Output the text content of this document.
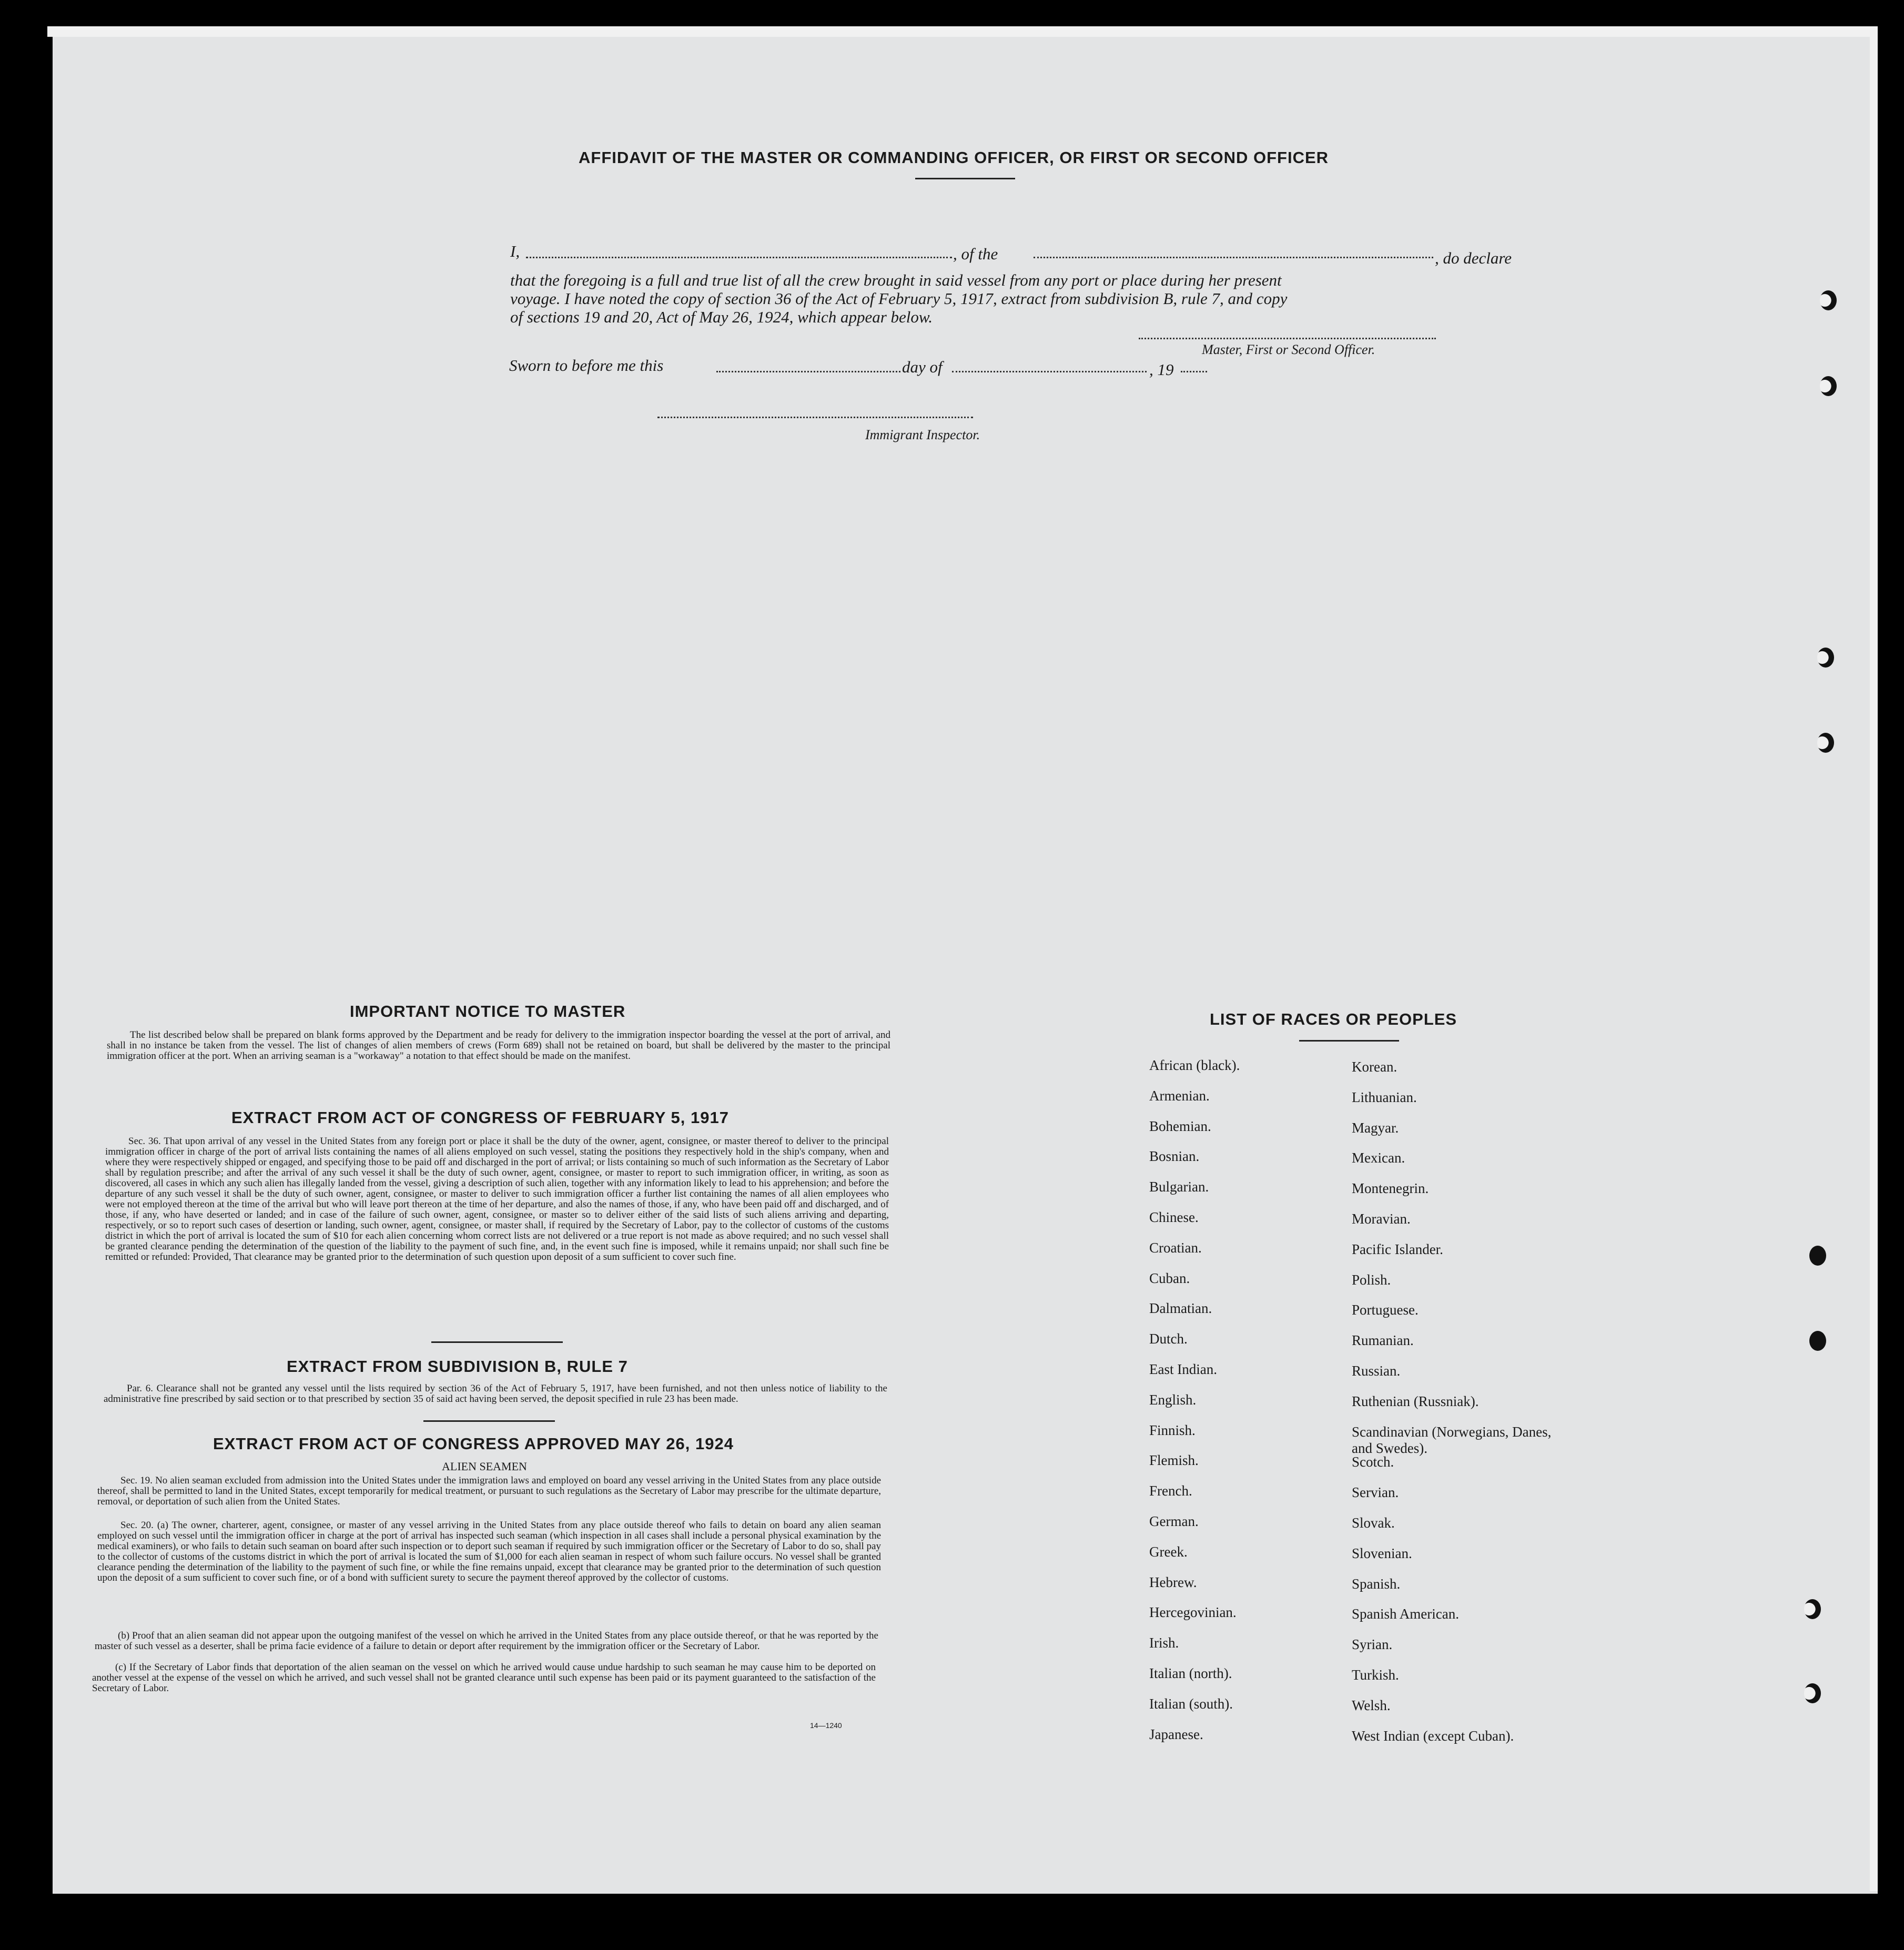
AFFIDAVIT OF THE MASTER OR COMMANDING OFFICER, OR FIRST OR SECOND OFFICER
I,	, of the	, do declare
that the foregoing is a full and true list of all the crew brought in said vessel from any port or place during her present
voyage. I have noted the copy of section 36 of the Act of February 5, 1917, extract from subdivision B, rule 7, and copy
of sections 19 and 20, Act of May 26, 1924, which appear below.
Master, First or Second Officer.
Sworn to before me this	day of	, 19
Immigrant Inspector.
IMPORTANT NOTICE TO MASTER
The list described below shall be prepared on blank forms approved by the Department and be ready for delivery to the immigration inspector boarding the vessel at the port of arrival, and shall in no instance be taken from the vessel. The list of changes of alien members of crews (Form 689) shall not be retained on board, but shall be delivered by the master to the principal immigration officer at the port. When an arriving seaman is a "workaway" a notation to that effect should be made on the manifest.
EXTRACT FROM ACT OF CONGRESS OF FEBRUARY 5, 1917
Sec. 36. That upon arrival of any vessel in the United States from any foreign port or place it shall be the duty of the owner, agent, consignee, or master thereof to deliver to the principal immigration officer in charge of the port of arrival lists containing the names of all aliens employed on such vessel, stating the positions they respectively hold in the ship's company, when and where they were respectively shipped or engaged, and specifying those to be paid off and discharged in the port of arrival; or lists containing so much of such information as the Secretary of Labor shall by regulation prescribe; and after the arrival of any such vessel it shall be the duty of such owner, agent, consignee, or master to report to such immigration officer, in writing, as soon as discovered, all cases in which any such alien has illegally landed from the vessel, giving a description of such alien, together with any information likely to lead to his apprehension; and before the departure of any such vessel it shall be the duty of such owner, agent, consignee, or master to deliver to such immigration officer a further list containing the names of all alien employees who were not employed thereon at the time of the arrival but who will leave port thereon at the time of her departure, and also the names of those, if any, who have been paid off and discharged, and of those, if any, who have deserted or landed; and in case of the failure of such owner, agent, consignee, or master so to deliver either of the said lists of such aliens arriving and departing, respectively, or so to report such cases of desertion or landing, such owner, agent, consignee, or master shall, if required by the Secretary of Labor, pay to the collector of customs of the customs district in which the port of arrival is located the sum of $10 for each alien concerning whom correct lists are not delivered or a true report is not made as above required; and no such vessel shall be granted clearance pending the determination of the question of the liability to the payment of such fine, and, in the event such fine is imposed, while it remains unpaid; nor shall such fine be remitted or refunded: Provided, That clearance may be granted prior to the determination of such question upon deposit of a sum sufficient to cover such fine.
EXTRACT FROM SUBDIVISION B, RULE 7
Par. 6. Clearance shall not be granted any vessel until the lists required by section 36 of the Act of February 5, 1917, have been furnished, and not then unless notice of liability to the administrative fine prescribed by said section or to that prescribed by section 35 of said act having been served, the deposit specified in rule 23 has been made.
EXTRACT FROM ACT OF CONGRESS APPROVED MAY 26, 1924
ALIEN SEAMEN
Sec. 19. No alien seaman excluded from admission into the United States under the immigration laws and employed on board any vessel arriving in the United States from any place outside thereof, shall be permitted to land in the United States, except temporarily for medical treatment, or pursuant to such regulations as the Secretary of Labor may prescribe for the ultimate departure, removal, or deportation of such alien from the United States.
Sec. 20. (a) The owner, charterer, agent, consignee, or master of any vessel arriving in the United States from any place outside thereof who fails to detain on board any alien seaman employed on such vessel until the immigration officer in charge at the port of arrival has inspected such seaman (which inspection in all cases shall include a personal physical examination by the medical examiners), or who fails to detain such seaman on board after such inspection or to deport such seaman if required by such immigration officer or the Secretary of Labor to do so, shall pay to the collector of customs of the customs district in which the port of arrival is located the sum of $1,000 for each alien seaman in respect of whom such failure occurs. No vessel shall be granted clearance pending the determination of the liability to the payment of such fine, or while the fine remains unpaid, except that clearance may be granted prior to the determination of such question upon the deposit of a sum sufficient to cover such fine, or of a bond with sufficient surety to secure the payment thereof approved by the collector of customs.
(b) Proof that an alien seaman did not appear upon the outgoing manifest of the vessel on which he arrived in the United States from any place outside thereof, or that he was reported by the master of such vessel as a deserter, shall be prima facie evidence of a failure to detain or deport after requirement by the immigration officer or the Secretary of Labor.
(c) If the Secretary of Labor finds that deportation of the alien seaman on the vessel on which he arrived would cause undue hardship to such seaman he may cause him to be deported on another vessel at the expense of the vessel on which he arrived, and such vessel shall not be granted clearance until such expense has been paid or its payment guaranteed to the satisfaction of the Secretary of Labor.
14—1240
LIST OF RACES OR PEOPLES
African (black).
Armenian.
Bohemian.
Bosnian.
Bulgarian.
Chinese.
Croatian.
Cuban.
Dalmatian.
Dutch.
East Indian.
English.
Finnish.
Flemish.
French.
German.
Greek.
Hebrew.
Hercegovinian.
Irish.
Italian (north).
Italian (south).
Japanese.
Korean.
Lithuanian.
Magyar.
Mexican.
Montenegrin.
Moravian.
Pacific Islander.
Polish.
Portuguese.
Rumanian.
Russian.
Ruthenian (Russniak).
Scandinavian (Norwegians, Danes, and Swedes).
Scotch.
Servian.
Slovak.
Slovenian.
Spanish.
Spanish American.
Syrian.
Turkish.
Welsh.
West Indian (except Cuban).
